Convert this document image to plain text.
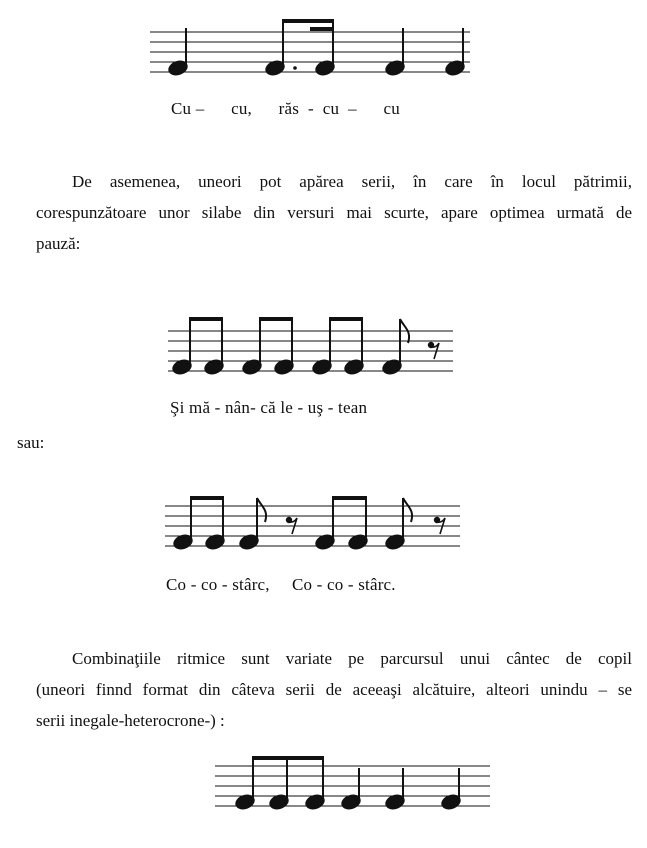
Cu –      cu,      răs  -  cu  –      cu
De asemenea, uneori pot apărea serii, în care în locul pătrimii,
corespunzătoare unor silabe din versuri mai scurte, apare optimea urmată de
pauză:
Şi mă - nân- că le - uş - tean
sau:
Co - co - stârc,     Co - co - stârc.
Combinaţiile ritmice sunt variate pe parcursul unui cântec de copil
(uneori finnd format din câteva serii de aceeaşi alcătuire, alteori unindu – se
serii inegale-heterocrone-) :
